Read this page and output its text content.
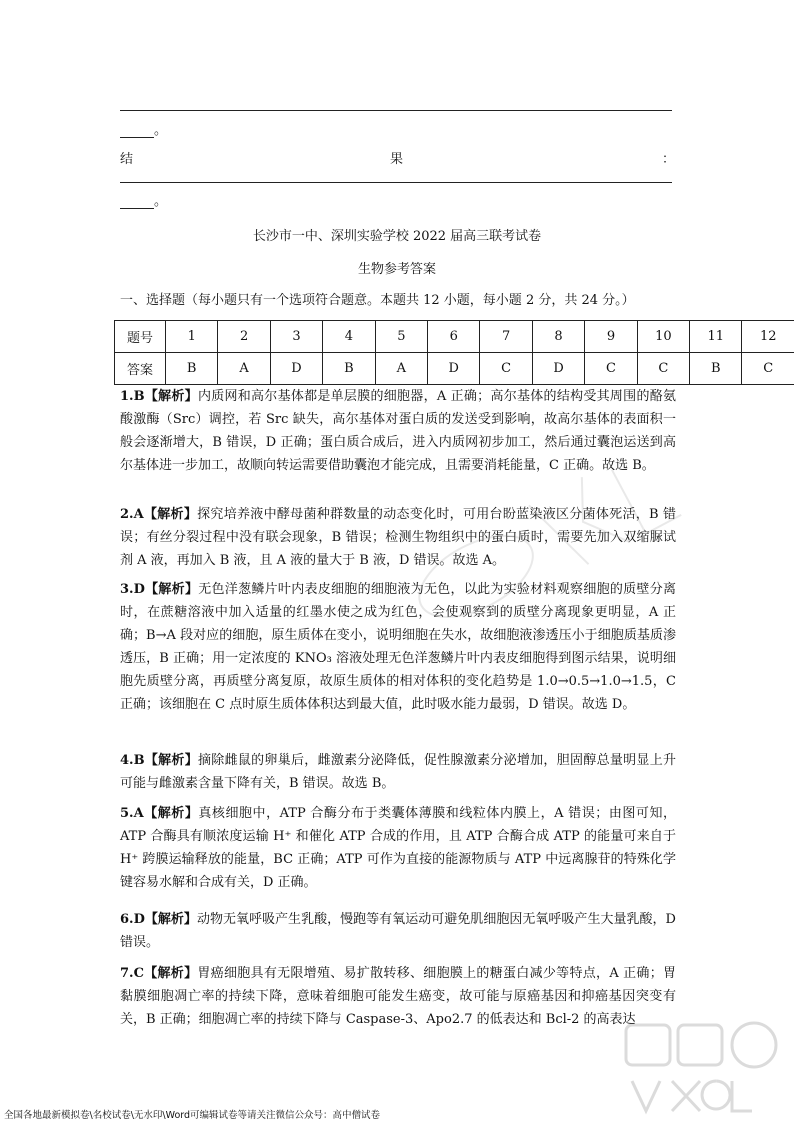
。
结	果	：
。
长沙市一中、深圳实验学校 2022 届高三联考试卷
生物参考答案
一、选择题（每小题只有一个选项符合题意。本题共 12 小题，每小题 2 分，共 24 分。）
题号	1	2	3	4	5	6	7	8	9	10	11	12
答案	B	A	D	B	A	D	C	D	C	C	B	C

1.B【解析】内质网和高尔基体都是单层膜的细胞器，A 正确；高尔基体的结构受其周围的酪氨酸激酶（Src）调控，若 Src 缺失，高尔基体对蛋白质的发送受到影响，故高尔基体的表面积一般会逐渐增大，B 错误，D 正确；蛋白质合成后，进入内质网初步加工，然后通过囊泡运送到高尔基体进一步加工，故顺向转运需要借助囊泡才能完成，且需要消耗能量，C 正确。故选 B。

2.A【解析】探究培养液中酵母菌种群数量的动态变化时，可用台盼蓝染液区分菌体死活，B 错误；有丝分裂过程中没有联会现象，B 错误；检测生物组织中的蛋白质时，需要先加入双缩脲试剂 A 液，再加入 B 液，且 A 液的量大于 B 液，D 错误。故选 A。

3.D【解析】无色洋葱鳞片叶内表皮细胞的细胞液为无色，以此为实验材料观察细胞的质壁分离时，在蔗糖溶液中加入适量的红墨水使之成为红色，会使观察到的质壁分离现象更明显，A 正确；B→A 段对应的细胞，原生质体在变小，说明细胞在失水，故细胞液渗透压小于细胞质基质渗透压，B 正确；用一定浓度的 KNO₃ 溶液处理无色洋葱鳞片叶内表皮细胞得到图示结果，说明细胞先质壁分离，再质壁分离复原，故原生质体的相对体积的变化趋势是 1.0→0.5→1.0→1.5，C 正确；该细胞在 C 点时原生质体体积达到最大值，此时吸水能力最弱，D 错误。故选 D。

4.B【解析】摘除雌鼠的卵巢后，雌激素分泌降低，促性腺激素分泌增加，胆固醇总量明显上升可能与雌激素含量下降有关，B 错误。故选 B。

5.A【解析】真核细胞中，ATP 合酶分布于类囊体薄膜和线粒体内膜上，A 错误；由图可知，ATP 合酶具有顺浓度运输 H⁺ 和催化 ATP 合成的作用，且 ATP 合酶合成 ATP 的能量可来自于 H⁺ 跨膜运输释放的能量，BC 正确；ATP 可作为直接的能源物质与 ATP 中远离腺苷的特殊化学键容易水解和合成有关，D 正确。

6.D【解析】动物无氧呼吸产生乳酸，慢跑等有氧运动可避免肌细胞因无氧呼吸产生大量乳酸，D 错误。

7.C【解析】胃癌细胞具有无限增殖、易扩散转移、细胞膜上的糖蛋白减少等特点，A 正确；胃黏膜细胞凋亡率的持续下降，意味着细胞可能发生癌变，故可能与原癌基因和抑癌基因突变有关，B 正确；细胞凋亡率的持续下降与 Caspase-3、Apo2.7 的低表达和 Bcl-2 的高表达

全国各地最新模拟卷\名校试卷\无水印\Word可编辑试卷等请关注微信公众号：高中僧试卷
